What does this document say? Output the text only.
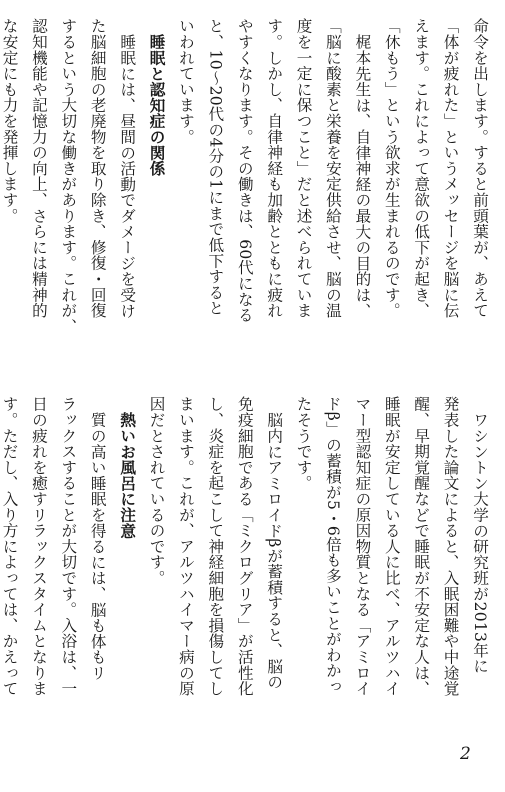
命令を出します。すると前頭葉が、あえて
「体が疲れた」というメッセージを脳に伝
えます。これによって意欲の低下が起き、
「休もう」という欲求が生まれるのです。
梶本先生は、自律神経の最大の目的は、
「脳に酸素と栄養を安定供給させ、脳の温
度を一定に保つこと」だと述べられていま
す。しかし、自律神経も加齢とともに疲れ
やすくなります。その働きは、60代になる
と、10～20代の4分の1にまで低下すると
いわれています。
睡眠と認知症の関係
睡眠には、昼間の活動でダメージを受け
た脳細胞の老廃物を取り除き、修復・回復
するという大切な働きがあります。これが、
認知機能や記憶力の向上、さらには精神的
な安定にも力を発揮します。
ワシントン大学の研究班が2013年に
発表した論文によると、入眠困難や中途覚
醒、早期覚醒などで睡眠が不安定な人は、
睡眠が安定している人に比べ、アルツハイ
マー型認知症の原因物質となる「アミロイ
ドβ」の蓄積が5・6倍も多いことがわかっ
たそうです。
脳内にアミロイドβが蓄積すると、脳の
免疫細胞である「ミクログリア」が活性化
し、炎症を起こして神経細胞を損傷してし
まいます。これが、アルツハイマー病の原
因だとされているのです。
熱いお風呂に注意
質の高い睡眠を得るには、脳も体もリ
ラックスすることが大切です。入浴は、一
日の疲れを癒すリラックスタイムとなりま
す。ただし、入り方によっては、かえって
2
